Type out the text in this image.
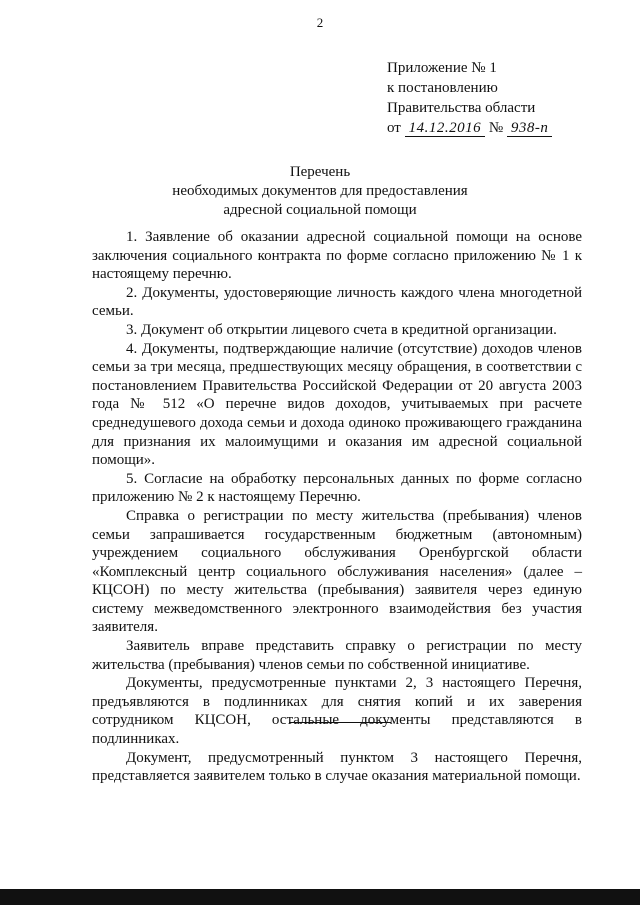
2
Приложение № 1
к постановлению
Правительства области
от 14.12.2016 № 938-п
Перечень
необходимых документов для предоставления
адресной социальной помощи

1. Заявление об оказании адресной социальной помощи на основе заключения социального контракта по форме согласно приложению № 1 к настоящему перечню.

2. Документы, удостоверяющие личность каждого члена многодетной семьи.

3. Документ об открытии лицевого счета в кредитной организации.

4. Документы, подтверждающие наличие (отсутствие) доходов членов семьи за три месяца, предшествующих месяцу обращения, в соответствии с постановлением Правительства Российской Федерации от 20 августа 2003 года № 512 «О перечне видов доходов, учитываемых при расчете среднедушевого дохода семьи и дохода одиноко проживающего гражданина для признания их малоимущими и оказания им адресной социальной помощи».

5. Согласие на обработку персональных данных по форме согласно приложению № 2 к настоящему Перечню.

Справка о регистрации по месту жительства (пребывания) членов семьи запрашивается государственным бюджетным (автономным) учреждением социального обслуживания Оренбургской области «Комплексный центр социального обслуживания населения» (далее – КЦСОН) по месту жительства (пребывания) заявителя через единую систему межведомственного электронного взаимодействия без участия заявителя.

Заявитель вправе представить справку о регистрации по месту жительства (пребывания) членов семьи по собственной инициативе.

Документы, предусмотренные пунктами 2, 3 настоящего Перечня, предъявляются в подлинниках для снятия копий и их заверения сотрудником КЦСОН, остальные документы представляются в подлинниках.

Документ, предусмотренный пунктом 3 настоящего Перечня, представляется заявителем только в случае оказания материальной помощи.
